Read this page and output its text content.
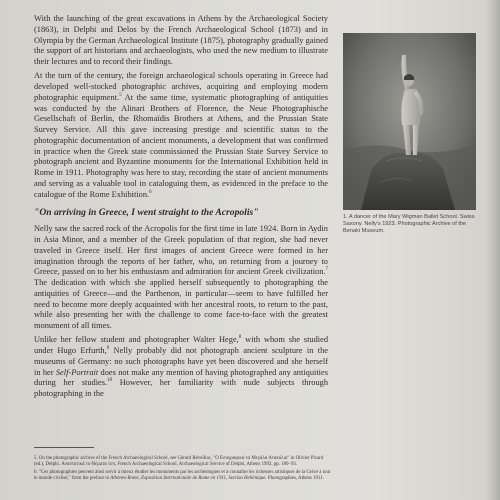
With the launching of the great excavations in Athens by the Archaeological Society (1863), in Delphi and Delos by the French Archaeological School (1873) and in Olympia by the German Archaeological Institute (1875), photography gradually gained the support of art historians and archaeologists, who used the new medium to illustrate their lectures and to record their findings.

At the turn of the century, the foreign archaeological schools operating in Greece had developed well-stocked photographic archives, acquiring and employing modern photographic equipment.$^5$ At the same time, systematic photographing of antiquities was conducted by the Alinari Brothers of Florence, the Neue Photographische Gesellschaft of Berlin, the Rhomaïdis Brothers at Athens, and the Prussian State Survey Service. All this gave increasing prestige and scientific status to the photographic documentation of ancient monuments, a development that was confirmed in practice when the Greek state commissioned the Prussian State Survey Service to photograph ancient and Byzantine monuments for the International Exhibition held in Rome in 1911. Photography was here to stay, recording the state of ancient monuments and serving as a valuable tool in cataloguing them, as evidenced in the preface to the catalogue of the Rome Exhibition.$^6$

"On arriving in Greece, I went straight to the Acropolis"

Nelly saw the sacred rock of the Acropolis for the first time in late 1924. Born in Aydin in Asia Minor, and a member of the Greek population of that region, she had never traveled in Greece itself. Her first images of ancient Greece were formed in her imagination through the reports of her father, who, on returning from a journey to Greece, passed on to her his enthusiasm and admiration for ancient Greek civilization.$^7$ The dedication with which she applied herself subsequently to photographing the antiquities of Greece—and the Parthenon, in particular—seem to have fulfilled her need to become more deeply acquainted with her ancestral roots, to return to the past, while also presenting her with the challenge to come face-to-face with the greatest monument of all times.

Unlike her fellow student and photographer Walter Hege,$^8$ with whom she studied under Hugo Erfurth,$^9$ Nelly probably did not photograph ancient sculpture in the museums of Germany: no such photographs have yet been discovered and she herself in her Self-Portrait does not make any mention of having photographed any antiquities during her studies.$^{10}$ However, her familiarity with nude subjects through photographing in the

1. A dancer of the Mary Wigman Ballet School. Swiss Saxony. Nelly's 1923. Photographic Archive of the Benaki Museum.

5. On the photographic archive of the French Archaeological School, see Gérard Réveillac, "Ο Εσυγραφικά τα Μεγάλα Ατακόλια" in Olivier Picard (ed.), Delphi. Αναστατικά το Θέματα τοπ, French Archaeological School, Archaeological Service of Delphi, Athens 1992, pp. 180–93.

6. "Ces photographies peuvent ainsi servir à mieux étudier les monuments par les archéologues et à connaître les richesses artistiques de la Grèce à tout le monde civilisé," from the preface to Athènes-Rome, Exposition Internationale de Rome en 1911, Section Hellénique. Photographies, Athens 1911.
